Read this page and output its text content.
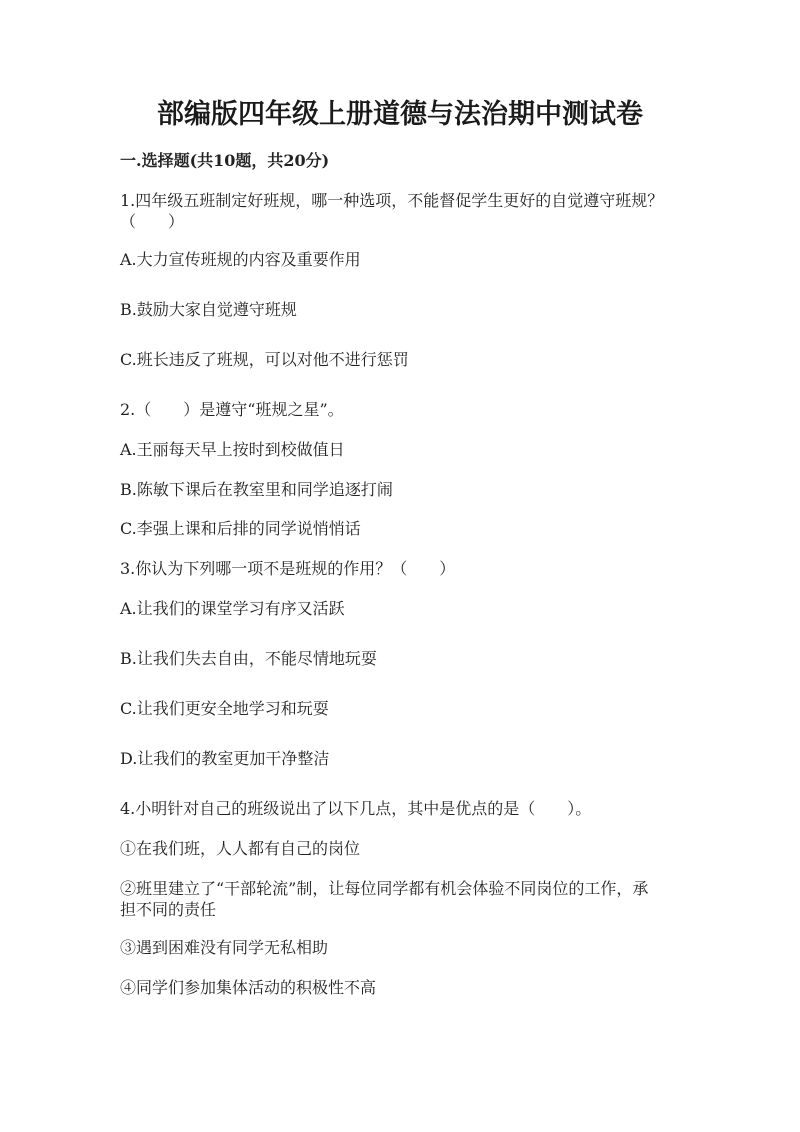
部编版四年级上册道德与法治期中测试卷
一.选择题(共10题，共20分)
1.四年级五班制定好班规，哪一种选项，不能督促学生更好的自觉遵守班规？
（　　）
A.大力宣传班规的内容及重要作用
B.鼓励大家自觉遵守班规
C.班长违反了班规，可以对他不进行惩罚
2.（　　）是遵守“班规之星”。
A.王丽每天早上按时到校做值日
B.陈敏下课后在教室里和同学追逐打闹
C.李强上课和后排的同学说悄悄话
3.你认为下列哪一项不是班规的作用？（　　）
A.让我们的课堂学习有序又活跃
B.让我们失去自由，不能尽情地玩耍
C.让我们更安全地学习和玩耍
D.让我们的教室更加干净整洁
4.小明针对自己的班级说出了以下几点，其中是优点的是（　　）。
①在我们班，人人都有自己的岗位
②班里建立了“干部轮流”制，让每位同学都有机会体验不同岗位的工作，承
担不同的责任
③遇到困难没有同学无私相助
④同学们参加集体活动的积极性不高
